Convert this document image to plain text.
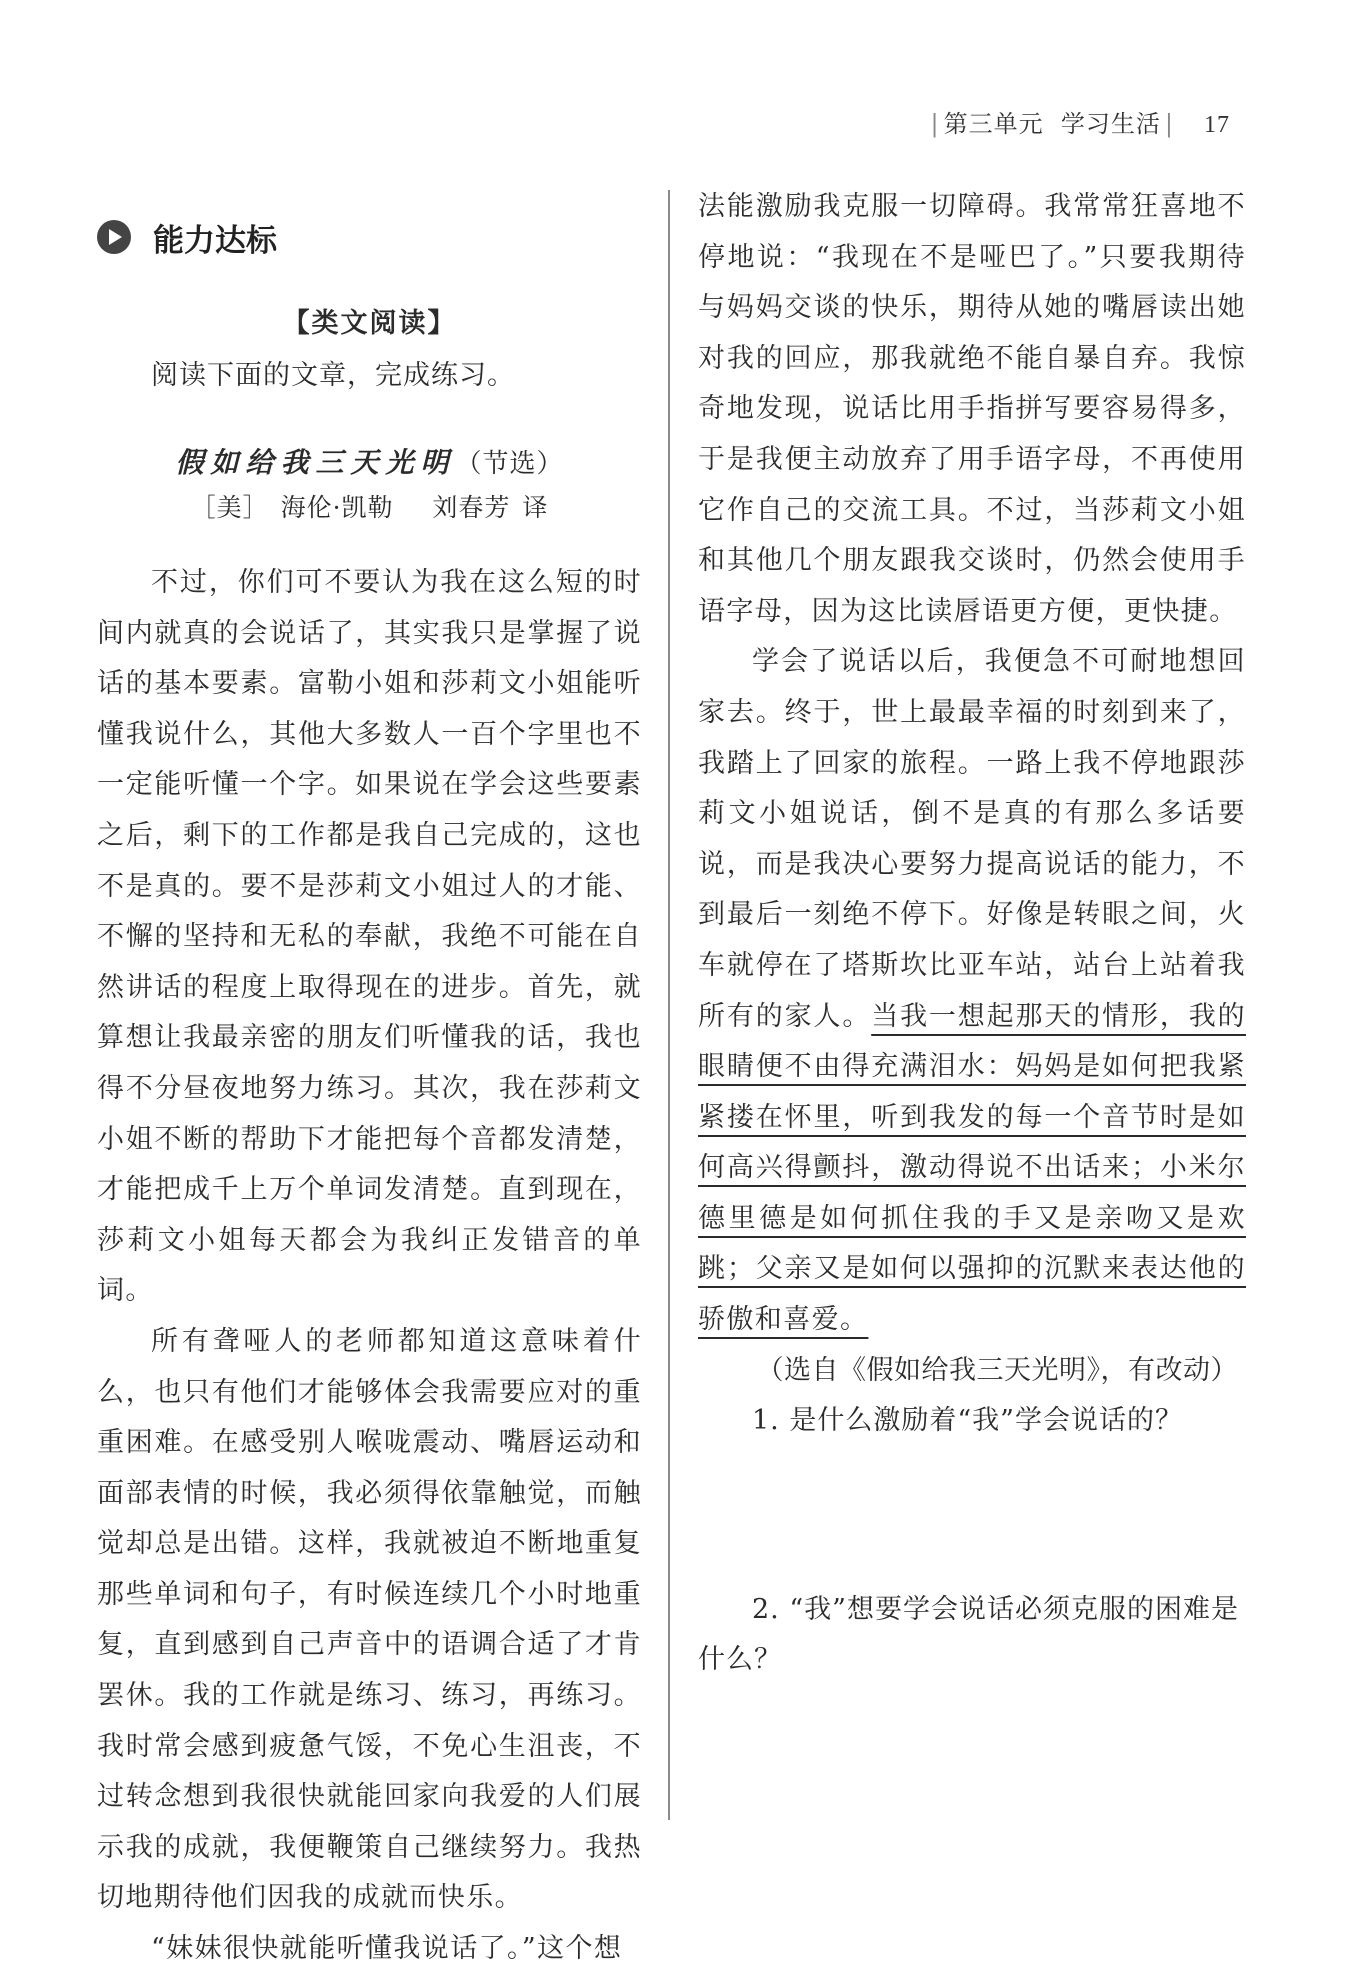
| 第三单元 学习生活 | 17
能力达标

【类文阅读】

阅读下面的文章，完成练习。

假如给我三天光明（节选）
［美］ 海伦·凯勒 刘春芳 译

不过，你们可不要认为我在这么短的时间内就真的会说话了，其实我只是掌握了说话的基本要素。富勒小姐和莎莉文小姐能听懂我说什么，其他大多数人一百个字里也不一定能听懂一个字。如果说在学会这些要素之后，剩下的工作都是我自己完成的，这也不是真的。要不是莎莉文小姐过人的才能、不懈的坚持和无私的奉献，我绝不可能在自然讲话的程度上取得现在的进步。首先，就算想让我最亲密的朋友们听懂我的话，我也得不分昼夜地努力练习。其次，我在莎莉文小姐不断的帮助下才能把每个音都发清楚，才能把成千上万个单词发清楚。直到现在，莎莉文小姐每天都会为我纠正发错音的单词。

所有聋哑人的老师都知道这意味着什么，也只有他们才能够体会我需要应对的重重困难。在感受别人喉咙震动、嘴唇运动和面部表情的时候，我必须得依靠触觉，而触觉却总是出错。这样，我就被迫不断地重复那些单词和句子，有时候连续几个小时地重复，直到感到自己声音中的语调合适了才肯罢休。我的工作就是练习、练习，再练习。我时常会感到疲惫气馁，不免心生沮丧，不过转念想到我很快就能回家向我爱的人们展示我的成就，我便鞭策自己继续努力。我热切地期待他们因我的成就而快乐。

“妹妹很快就能听懂我说话了。”这个想

法能激励我克服一切障碍。我常常狂喜地不停地说：“我现在不是哑巴了。”只要我期待与妈妈交谈的快乐，期待从她的嘴唇读出她对我的回应，那我就绝不能自暴自弃。我惊奇地发现，说话比用手指拼写要容易得多，于是我便主动放弃了用手语字母，不再使用它作自己的交流工具。不过，当莎莉文小姐和其他几个朋友跟我交谈时，仍然会使用手语字母，因为这比读唇语更方便，更快捷。

学会了说话以后，我便急不可耐地想回家去。终于，世上最最幸福的时刻到来了，我踏上了回家的旅程。一路上我不停地跟莎莉文小姐说话，倒不是真的有那么多话要说，而是我决心要努力提高说话的能力，不到最后一刻绝不停下。好像是转眼之间，火车就停在了塔斯坎比亚车站，站台上站着我所有的家人。当我一想起那天的情形，我的眼睛便不由得充满泪水：妈妈是如何把我紧紧搂在怀里，听到我发的每一个音节时是如何高兴得颤抖，激动得说不出话来；小米尔德里德是如何抓住我的手又是亲吻又是欢跳；父亲又是如何以强抑的沉默来表达他的骄傲和喜爱。

（选自《假如给我三天光明》，有改动）

1. 是什么激励着“我”学会说话的？

2. “我”想要学会说话必须克服的困难是什么？
